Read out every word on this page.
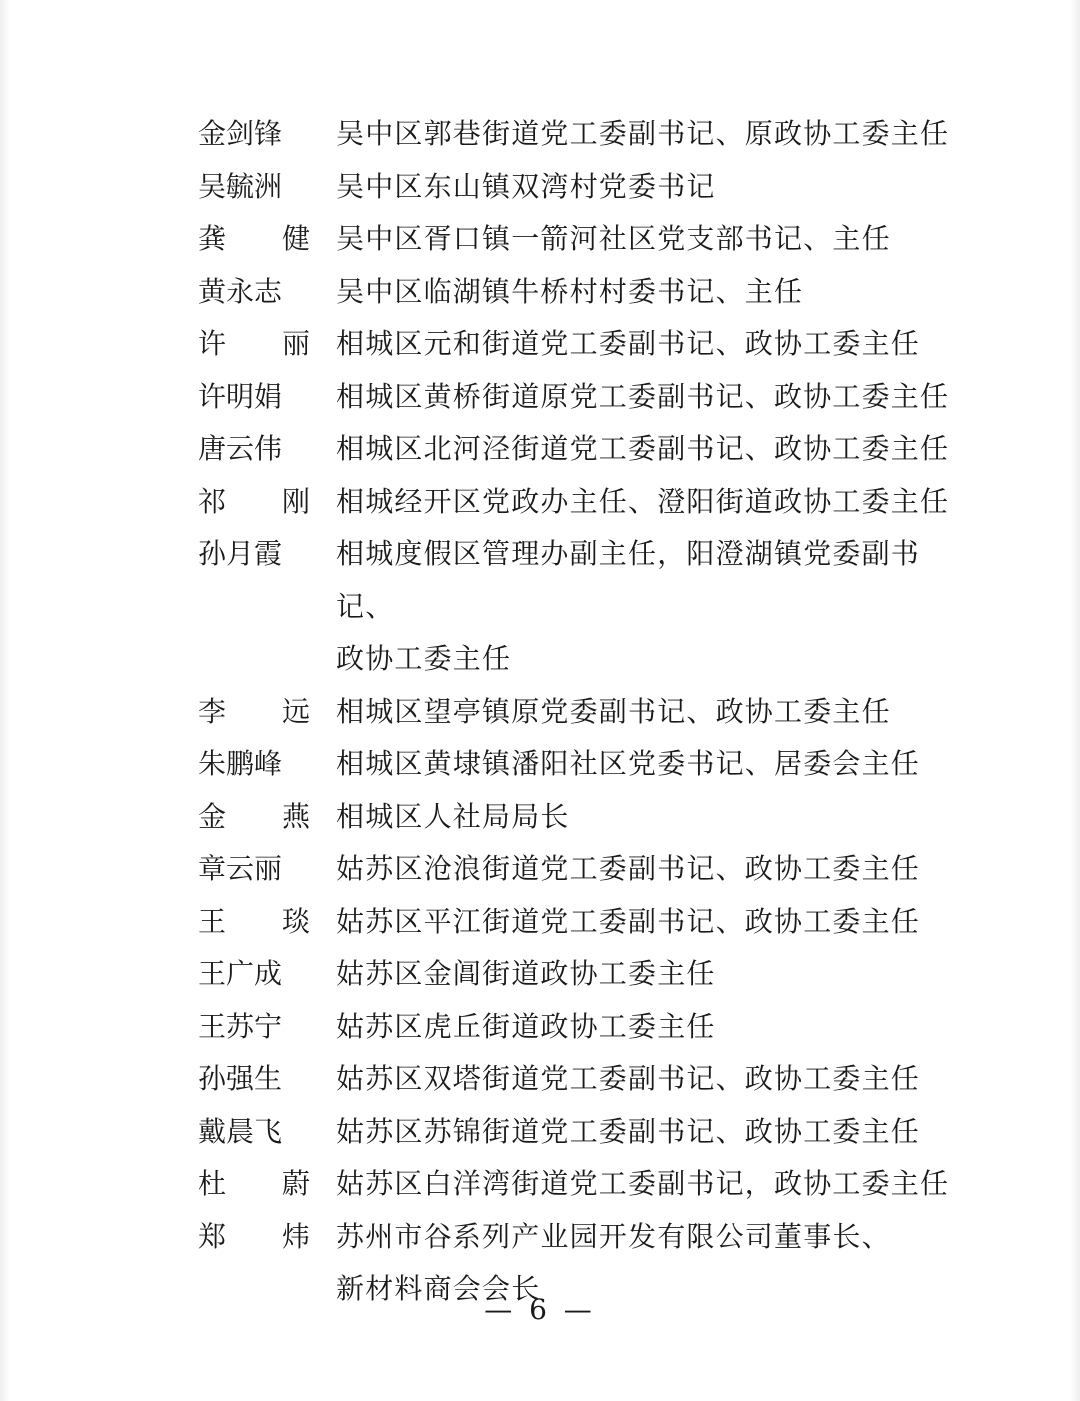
金剑锋	吴中区郭巷街道党工委副书记、原政协工委主任
吴毓洲	吴中区东山镇双湾村党委书记
龚 健 吴中区胥口镇一箭河社区党支部书记、主任
黄永志	吴中区临湖镇牛桥村村委书记、主任
许 丽 相城区元和街道党工委副书记、政协工委主任
许明娟	相城区黄桥街道原党工委副书记、政协工委主任
唐云伟	相城区北河泾街道党工委副书记、政协工委主任
祁 刚 相城经开区党政办主任、澄阳街道政协工委主任
孙月霞	相城度假区管理办副主任，阳澄湖镇党委副书记、
政协工委主任
李 远 相城区望亭镇原党委副书记、政协工委主任
朱鹏峰	相城区黄埭镇潘阳社区党委书记、居委会主任
金 燕 相城区人社局局长
章云丽	姑苏区沧浪街道党工委副书记、政协工委主任
王 琰 姑苏区平江街道党工委副书记、政协工委主任
王广成	姑苏区金阊街道政协工委主任
王苏宁	姑苏区虎丘街道政协工委主任
孙强生	姑苏区双塔街道党工委副书记、政协工委主任
戴晨飞	姑苏区苏锦街道党工委副书记、政协工委主任
杜 蔚 姑苏区白洋湾街道党工委副书记，政协工委主任
郑 炜 苏州市谷系列产业园开发有限公司董事长、
新材料商会会长
— 6 —
